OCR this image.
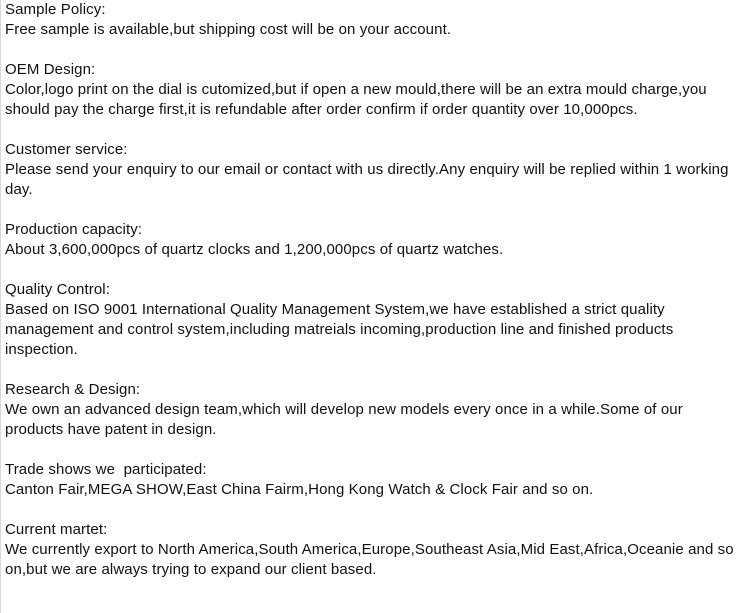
Sample Policy:
Free sample is available,but shipping cost will be on your account.
OEM Design:
Color,logo print on the dial is cutomized,but if open a new mould,there will be an extra mould charge,you should pay the charge first,it is refundable after order confirm if order quantity over 10,000pcs.
Customer service:
Please send your enquiry to our email or contact with us directly.Any enquiry will be replied within 1 working day.
Production capacity:
About 3,600,000pcs of quartz clocks and 1,200,000pcs of quartz watches.
Quality Control:
Based on ISO 9001 International Quality Management System,we have established a strict quality management and control system,including matreials incoming,production line and finished products inspection.
Research & Design:
We own an advanced design team,which will develop new models every once in a while.Some of our products have patent in design.
Trade shows we  participated:
Canton Fair,MEGA SHOW,East China Fairm,Hong Kong Watch & Clock Fair and so on.
Current martet:
We currently export to North America,South America,Europe,Southeast Asia,Mid East,Africa,Oceanie and so on,but we are always trying to expand our client based.
